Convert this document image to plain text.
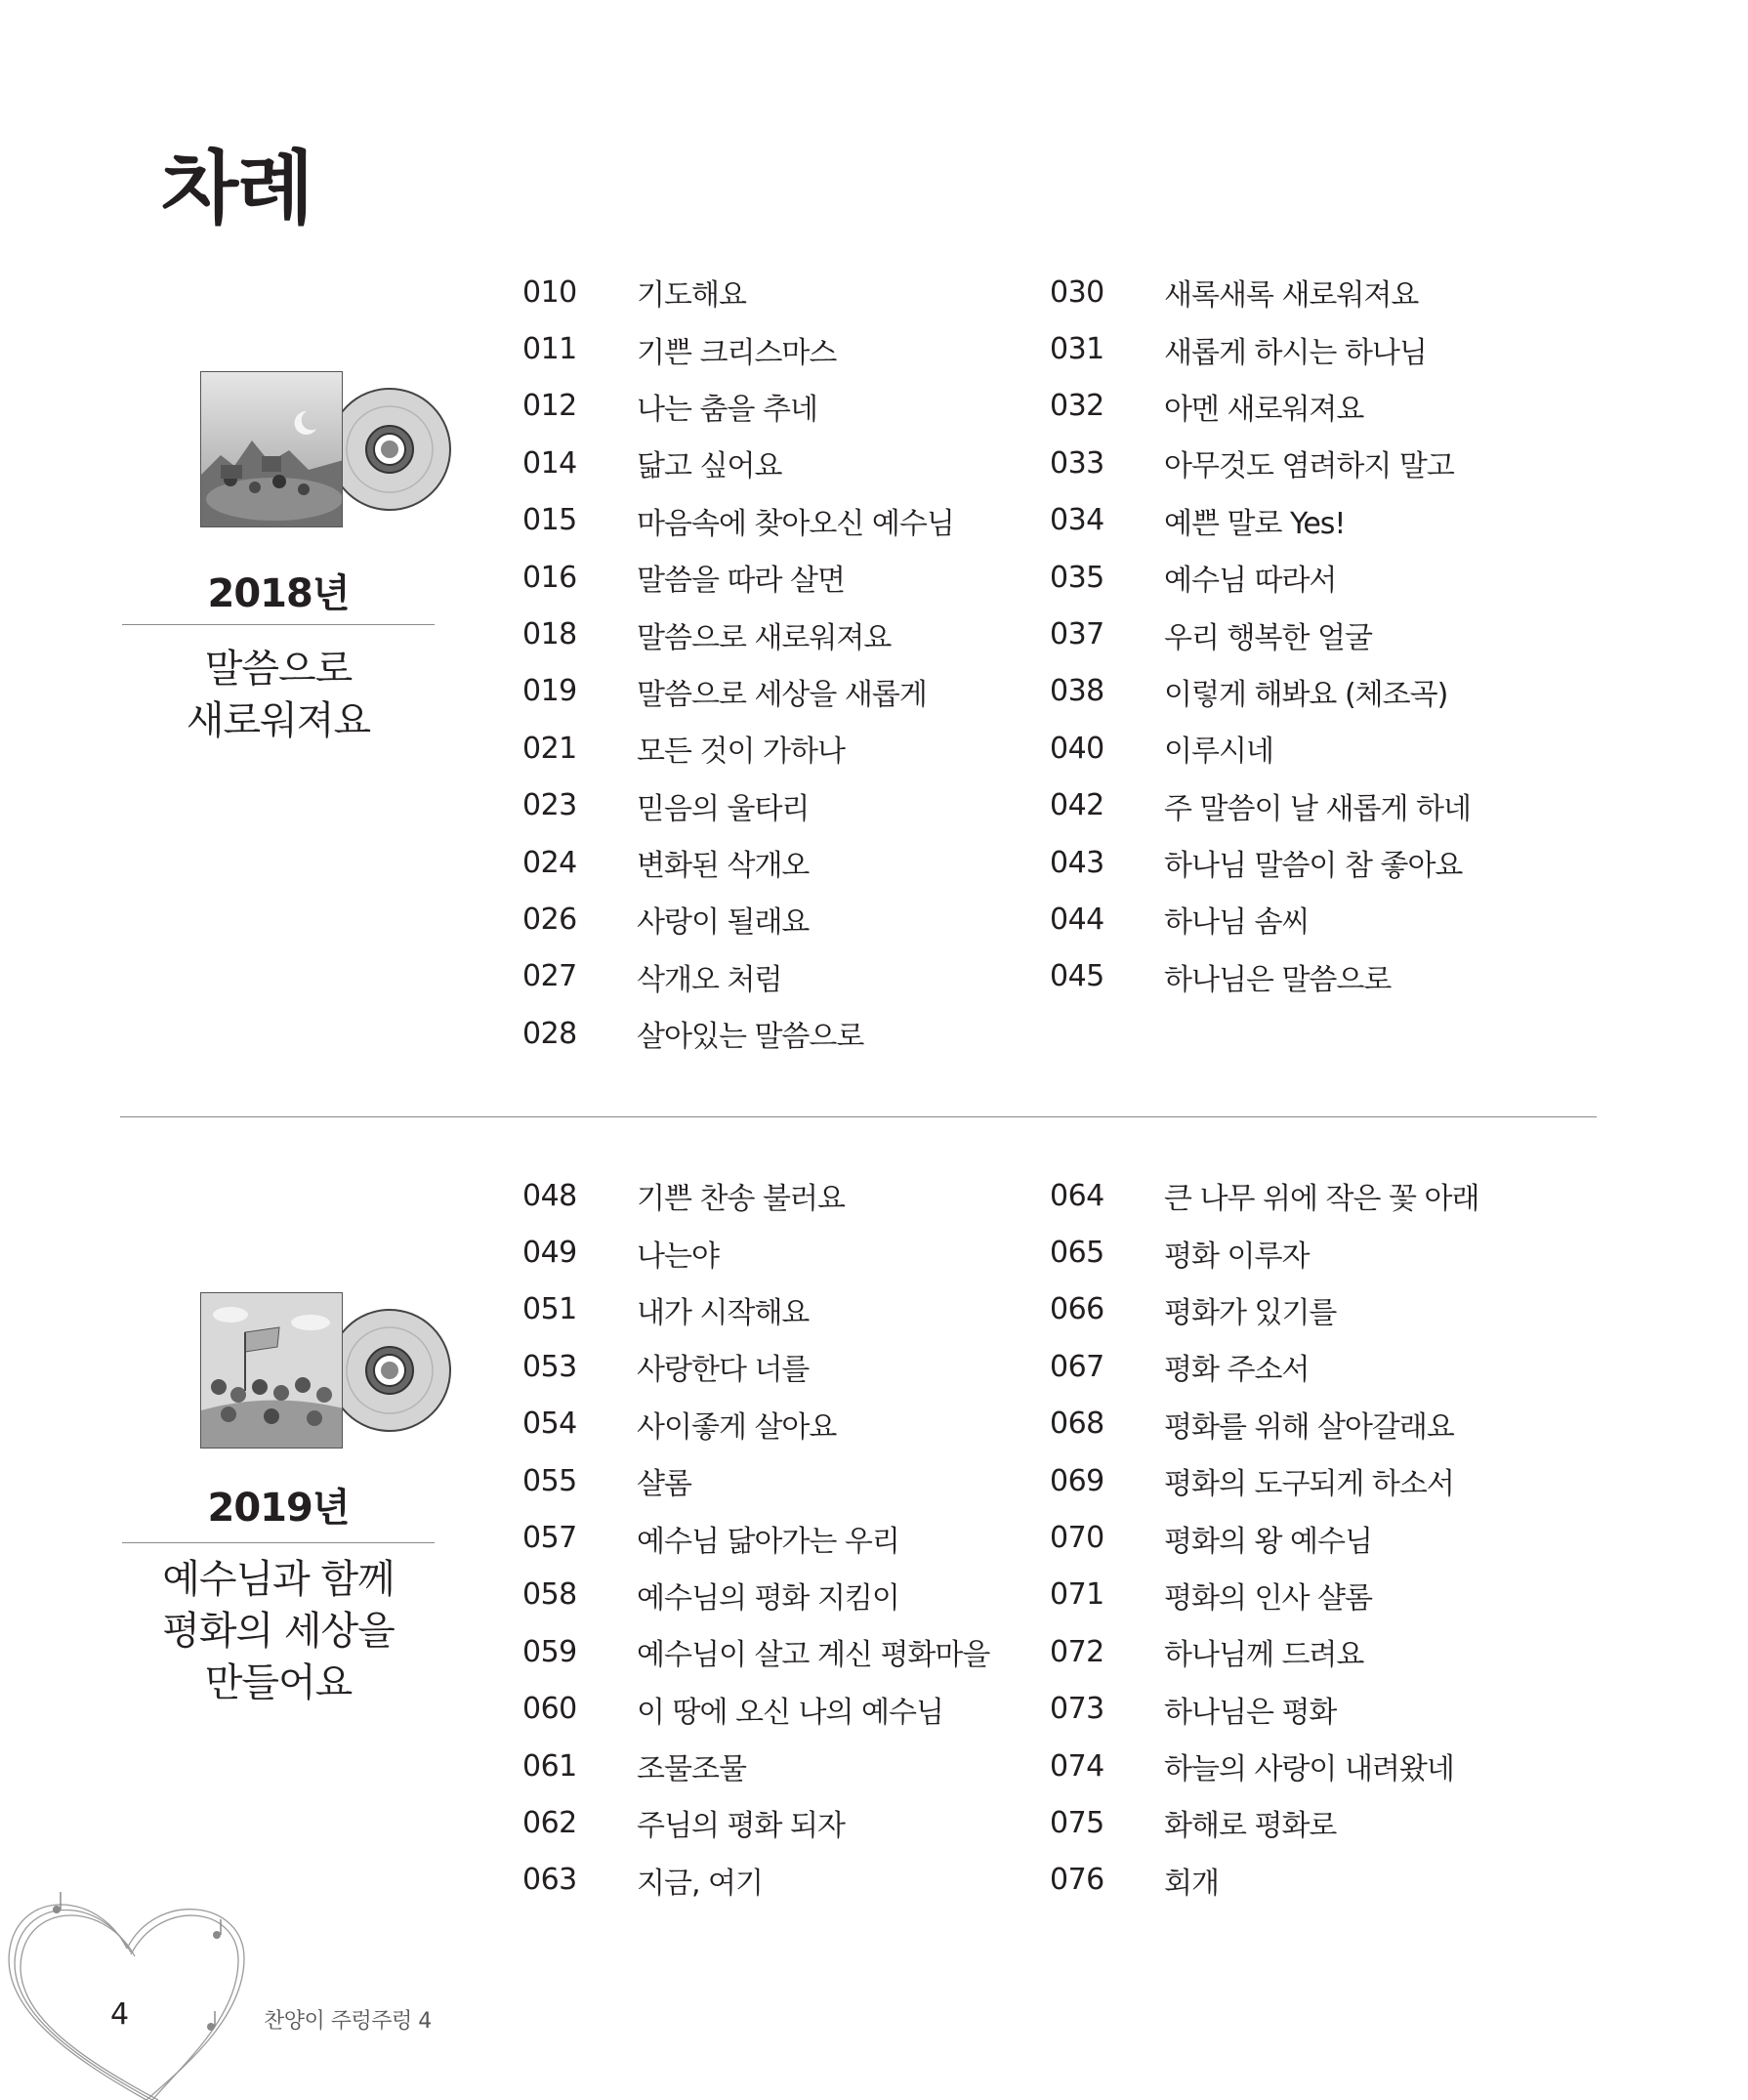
차례
2018년
말씀으로
새로워져요
010	기도해요
011	기쁜 크리스마스
012	나는 춤을 추네
014	닮고 싶어요
015	마음속에 찾아오신 예수님
016	말씀을 따라 살면
018	말씀으로 새로워져요
019	말씀으로 세상을 새롭게
021	모든 것이 가하나
023	믿음의 울타리
024	변화된 삭개오
026	사랑이 될래요
027	삭개오 처럼
028	살아있는 말씀으로
030	새록새록 새로워져요
031	새롭게 하시는 하나님
032	아멘 새로워져요
033	아무것도 염려하지 말고
034	예쁜 말로 Yes!
035	예수님 따라서
037	우리 행복한 얼굴
038	이렇게 해봐요 (체조곡)
040	이루시네
042	주 말씀이 날 새롭게 하네
043	하나님 말씀이 참 좋아요
044	하나님 솜씨
045	하나님은 말씀으로
2019년
예수님과 함께
평화의 세상을
만들어요
048	기쁜 찬송 불러요
049	나는야
051	내가 시작해요
053	사랑한다 너를
054	사이좋게 살아요
055	샬롬
057	예수님 닮아가는 우리
058	예수님의 평화 지킴이
059	예수님이 살고 계신 평화마을
060	이 땅에 오신 나의 예수님
061	조물조물
062	주님의 평화 되자
063	지금, 여기
064	큰 나무 위에 작은 꽃 아래
065	평화 이루자
066	평화가 있기를
067	평화 주소서
068	평화를 위해 살아갈래요
069	평화의 도구되게 하소서
070	평화의 왕 예수님
071	평화의 인사 샬롬
072	하나님께 드려요
073	하나님은 평화
074	하늘의 사랑이 내려왔네
075	화해로 평화로
076	회개
4	찬양이 주렁주렁 4
